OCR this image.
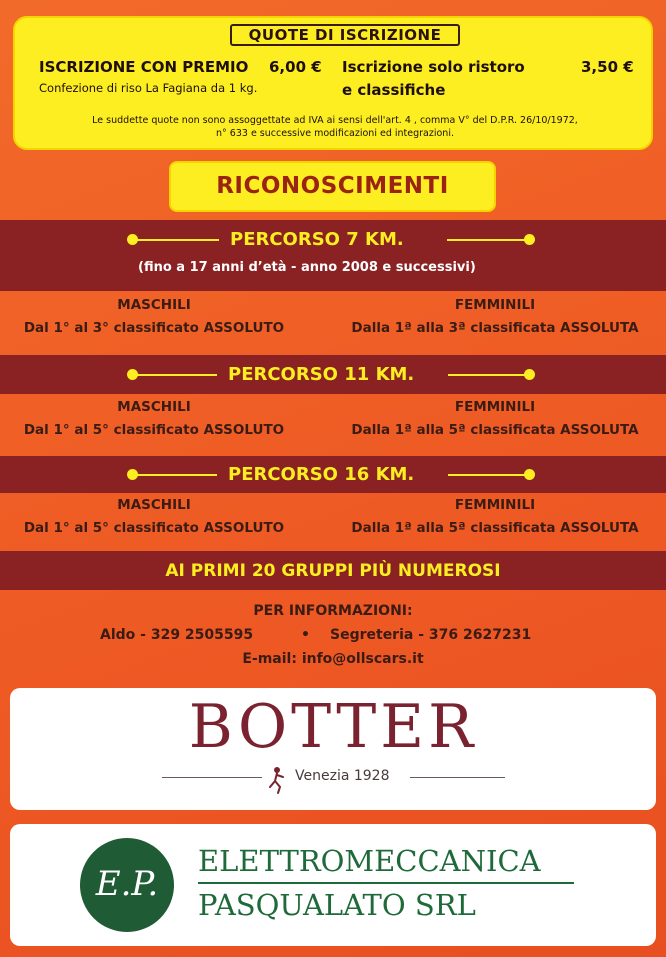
QUOTE DI ISCRIZIONE
ISCRIZIONE CON PREMIO 6,00 €
Confezione di riso La Fagiana da 1 kg.
Iscrizione solo ristoro
e classifiche
3,50 €
Le suddette quote non sono assoggettate ad IVA ai sensi dell'art. 4 , comma V° del D.P.R. 26/10/1972,
n° 633 e successive modificazioni ed integrazioni.
RICONOSCIMENTI
PERCORSO 7 KM.
(fino a 17 anni d’età - anno 2008 e successivi)
MASCHILI
Dal 1° al 3° classificato ASSOLUTO
FEMMINILI
Dalla 1ª alla 3ª classificata ASSOLUTA
PERCORSO 11 KM.
MASCHILI
Dal 1° al 5° classificato ASSOLUTO
FEMMINILI
Dalla 1ª alla 5ª classificata ASSOLUTA
PERCORSO 16 KM.
MASCHILI
Dal 1° al 5° classificato ASSOLUTO
FEMMINILI
Dalla 1ª alla 5ª classificata ASSOLUTA
AI PRIMI 20 GRUPPI PIÙ NUMEROSI
PER INFORMAZIONI:
Aldo - 329 2505595	• Segreteria - 376 2627231
E-mail: info@ollscars.it
BOTTER
Venezia 1928
E.P.
ELETTROMECCANICA
PASQUALATO SRL
